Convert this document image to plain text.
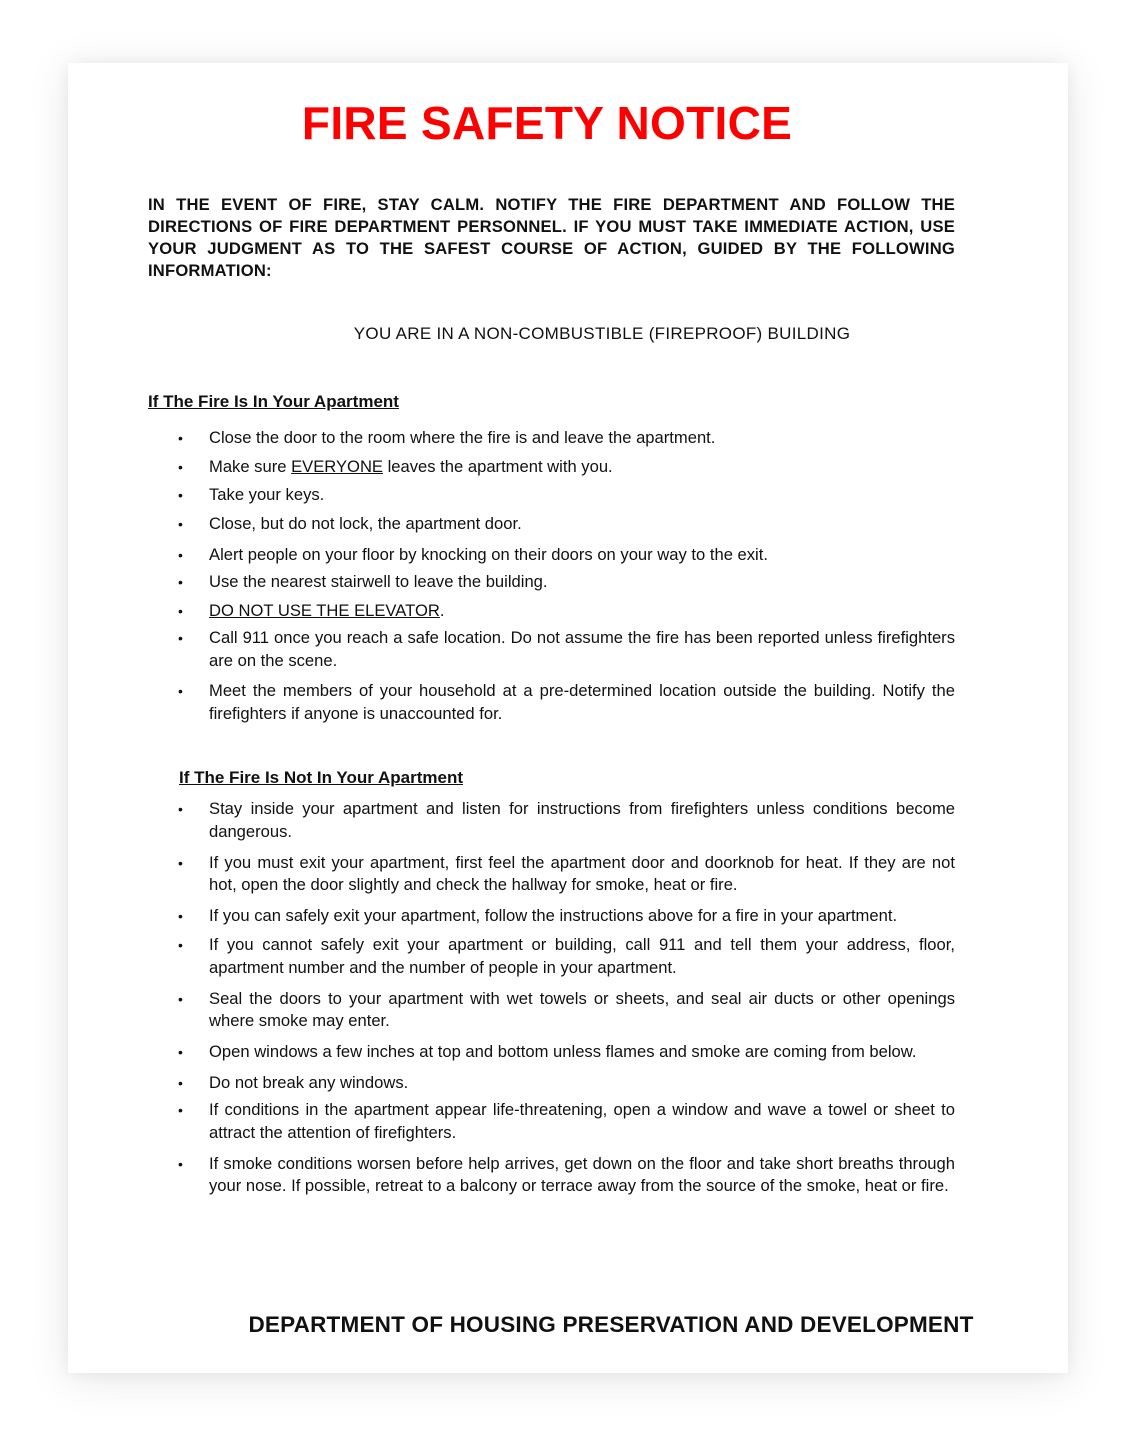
FIRE SAFETY NOTICE
IN THE EVENT OF FIRE, STAY CALM. NOTIFY THE FIRE DEPARTMENT AND FOLLOW THE DIRECTIONS OF FIRE DEPARTMENT PERSONNEL. IF YOU MUST TAKE IMMEDIATE ACTION, USE YOUR JUDGMENT AS TO THE SAFEST COURSE OF ACTION, GUIDED BY THE FOLLOWING INFORMATION:
YOU ARE IN A NON-COMBUSTIBLE (FIREPROOF) BUILDING
If The Fire Is In Your Apartment
• Close the door to the room where the fire is and leave the apartment.
• Make sure EVERYONE leaves the apartment with you.
• Take your keys.
• Close, but do not lock, the apartment door.
• Alert people on your floor by knocking on their doors on your way to the exit.
• Use the nearest stairwell to leave the building.
• DO NOT USE THE ELEVATOR.
• Call 911 once you reach a safe location. Do not assume the fire has been reported unless firefighters are on the scene.
• Meet the members of your household at a pre-determined location outside the building. Notify the firefighters if anyone is unaccounted for.
If The Fire Is Not In Your Apartment
• Stay inside your apartment and listen for instructions from firefighters unless conditions become dangerous.
• If you must exit your apartment, first feel the apartment door and doorknob for heat. If they are not hot, open the door slightly and check the hallway for smoke, heat or fire.
• If you can safely exit your apartment, follow the instructions above for a fire in your apartment.
• If you cannot safely exit your apartment or building, call 911 and tell them your address, floor, apartment number and the number of people in your apartment.
• Seal the doors to your apartment with wet towels or sheets, and seal air ducts or other openings where smoke may enter.
• Open windows a few inches at top and bottom unless flames and smoke are coming from below.
• Do not break any windows.
• If conditions in the apartment appear life-threatening, open a window and wave a towel or sheet to attract the attention of firefighters.
• If smoke conditions worsen before help arrives, get down on the floor and take short breaths through your nose. If possible, retreat to a balcony or terrace away from the source of the smoke, heat or fire.
DEPARTMENT OF HOUSING PRESERVATION AND DEVELOPMENT
